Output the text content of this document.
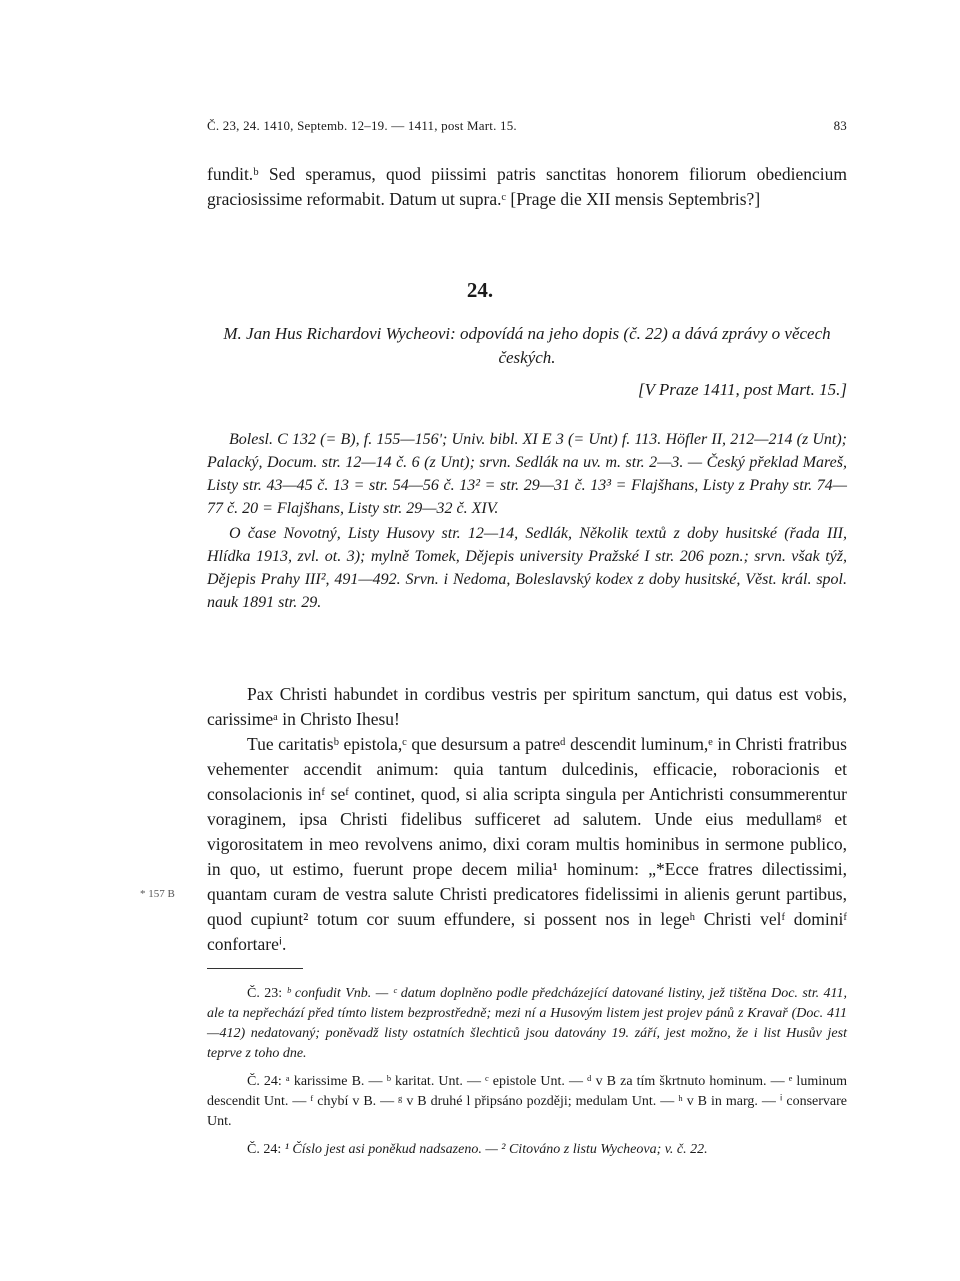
Č. 23, 24. 1410, Septemb. 12–19. — 1411, post Mart. 15.	83
fundit.ᵇ Sed speramus, quod piissimi patris sanctitas honorem filiorum obediencium graciosissime reformabit. Datum ut supra.ᶜ [Prage die XII mensis Septembris?]
24.
M. Jan Hus Richardovi Wycheovi: odpovídá na jeho dopis (č. 22) a dává zprávy o věcech českých.
[V Praze 1411, post Mart. 15.]

Bolesl. C 132 (= B), f. 155—156ʹ; Univ. bibl. XI E 3 (= Unt) f. 113. Höfler II, 212—214 (z Unt); Palacký, Docum. str. 12—14 č. 6 (z Unt); srvn. Sedlák na uv. m. str. 2—3. — Český překlad Mareš, Listy str. 43—45 č. 13 = str. 54—56 č. 13² = str. 29—31 č. 13³ = Flajšhans, Listy z Prahy str. 74—77 č. 20 = Flajšhans, Listy str. 29—32 č. XIV.

O čase Novotný, Listy Husovy str. 12—14, Sedlák, Několik textů z doby husitské (řada III, Hlídka 1913, zvl. ot. 3); mylně Tomek, Dějepis university Pražské I str. 206 pozn.; srvn. však týž, Dějepis Prahy III², 491—492. Srvn. i Nedoma, Boleslavský kodex z doby husitské, Věst. král. spol. nauk 1891 str. 29.

Pax Christi habundet in cordibus vestris per spiritum sanctum, qui datus est vobis, carissimeᵃ in Christo Ihesu!

Tue caritatisᵇ epistola,ᶜ que desursum a patreᵈ descendit luminum,ᵉ in Christi fratribus vehementer accendit animum: quia tantum dulcedinis, efficacie, roboracionis et consolacionis inᶠ seᶠ continet, quod, si alia scripta singula per Antichristi consummerentur voraginem, ipsa Christi fidelibus sufficeret ad salutem. Unde eius medullamᵍ et vigorositatem in meo revolvens animo, dixi coram multis hominibus in sermone publico, in quo, ut estimo, fuerunt prope decem milia¹ hominum: „*Ecce fratres dilectissimi, quantam curam de vestra salute Christi predicatores fidelissimi in alienis gerunt partibus, quod cupiunt² totum cor suum effundere, si possent nos in legeʰ Christi velᶠ dominiᶠ confortareⁱ.

* 157 B

Č. 23: ᵇ confudit Vnb. — ᶜ datum doplněno podle předcházející datované listiny, jež tištěna Doc. str. 411, ale ta nepřechází před tímto listem bezprostředně; mezi ní a Husovým listem jest projev pánů z Kravař (Doc. 411—412) nedatovaný; poněvadž listy ostatních šlechticů jsou datovány 19. září, jest možno, že i list Husův jest teprve z toho dne.

Č. 24: ᵃ karissime B. — ᵇ karitat. Unt. — ᶜ epistole Unt. — ᵈ v B za tím škrtnuto hominum. — ᵉ luminum descendit Unt. — ᶠ chybí v B. — ᵍ v B druhé l připsáno později; medulam Unt. — ʰ v B in marg. — ⁱ conservare Unt.

Č. 24: ¹ Číslo jest asi poněkud nadsazeno. — ² Citováno z listu Wycheova; v. č. 22.
